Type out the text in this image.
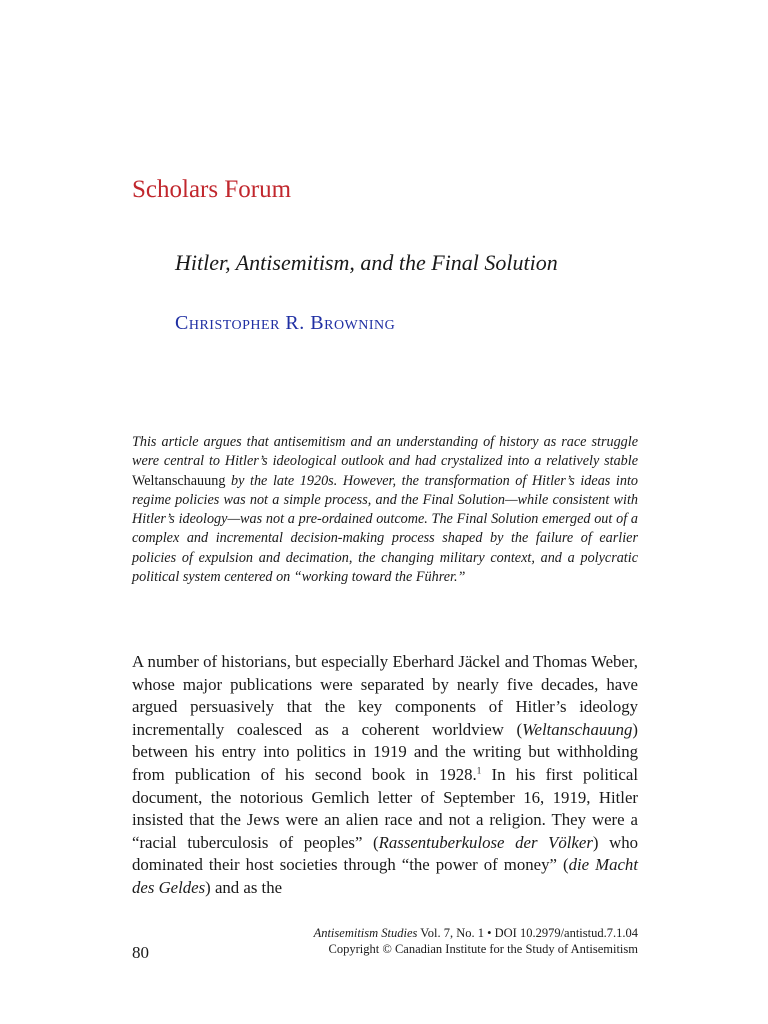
Scholars Forum
Hitler, Antisemitism, and the Final Solution
Christopher R. Browning

This article argues that antisemitism and an understanding of history as race struggle were central to Hitler’s ideological outlook and had crystalized into a relatively stable Weltanschauung by the late 1920s. However, the transformation of Hitler’s ideas into regime policies was not a simple process, and the Final Solution—while consistent with Hitler’s ideology—was not a pre-ordained outcome. The Final Solution emerged out of a complex and incremental decision-making process shaped by the failure of earlier policies of expulsion and decimation, the changing military context, and a polycratic political system centered on “working toward the Führer.”

A number of historians, but especially Eberhard Jäckel and Thomas Weber, whose major publications were separated by nearly five decades, have argued persuasively that the key components of Hitler’s ideology incrementally coalesced as a coherent worldview (Weltanschauung) between his entry into politics in 1919 and the writing but withholding from publication of his second book in 1928.$^1$ In his first political document, the notorious Gemlich letter of September 16, 1919, Hitler insisted that the Jews were an alien race and not a religion. They were a “racial tuberculosis of peoples” (Rassentuberkulose der Völker) who dominated their host societies through “the power of money” (die Macht des Geldes) and as the

Antisemitism Studies Vol. 7, No. 1 • DOI 10.2979/antistud.7.1.04
Copyright © Canadian Institute for the Study of Antisemitism
80
